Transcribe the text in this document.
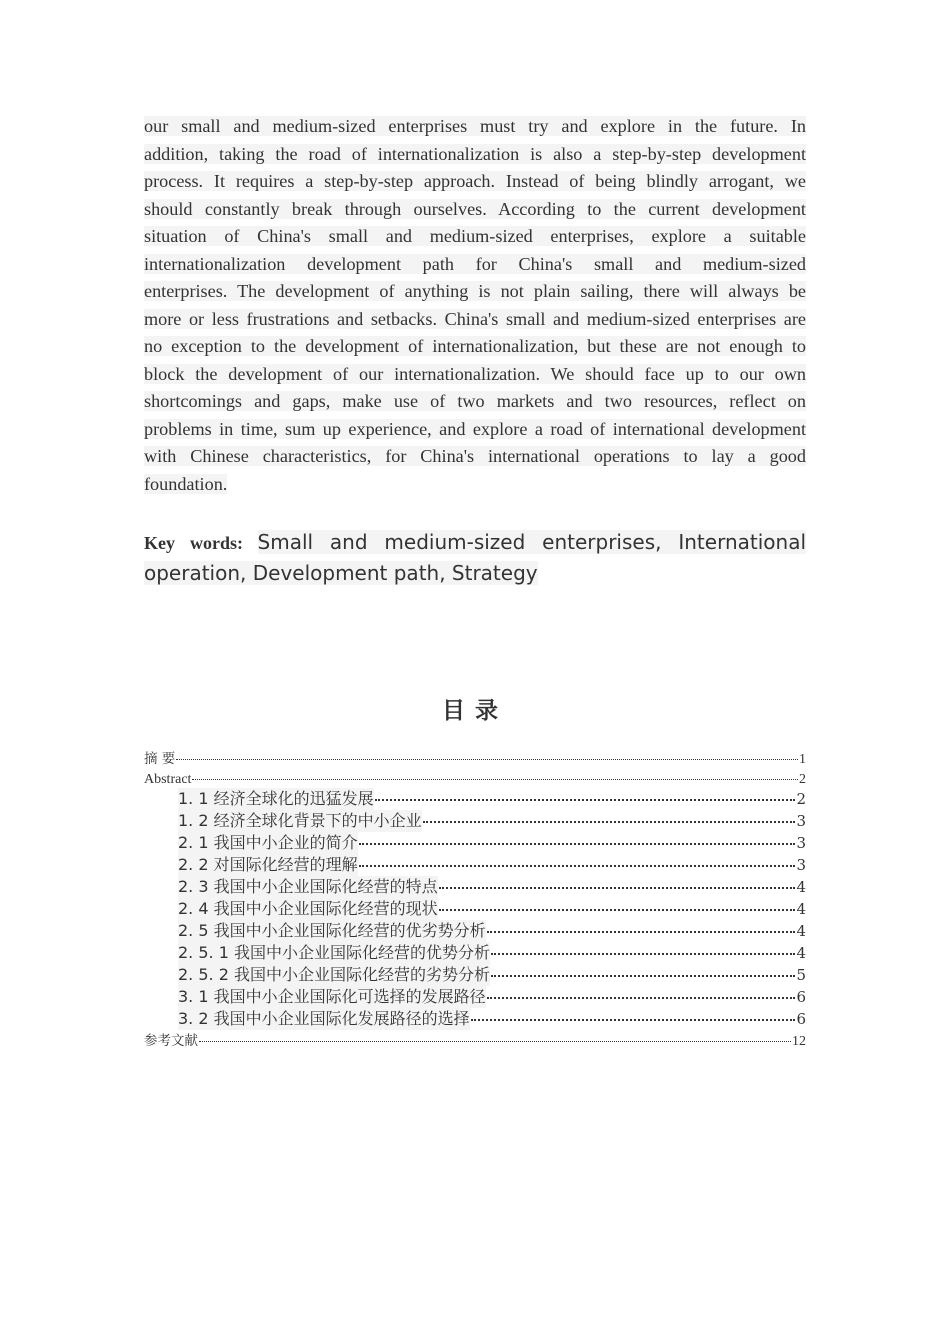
our small and medium-sized enterprises must try and explore in the future. In
addition, taking the road of internationalization is also a step-by-step development
process. It requires a step-by-step approach. Instead of being blindly arrogant, we
should constantly break through ourselves. According to the current development
situation of China's small and medium-sized enterprises, explore a suitable
internationalization development path for China's small and medium-sized
enterprises. The development of anything is not plain sailing, there will always be
more or less frustrations and setbacks. China's small and medium-sized enterprises are
no exception to the development of internationalization, but these are not enough to
block the development of our internationalization. We should face up to our own
shortcomings and gaps, make use of two markets and two resources, reflect on
problems in time, sum up experience, and explore a road of international development
with Chinese characteristics, for China's international operations to lay a good
foundation.
Key words: Small and medium-sized enterprises, International
operation, Development path, Strategy
目录
摘 要	1
Abstract	2
1. 1 经济全球化的迅猛发展	2
1. 2 经济全球化背景下的中小企业	3
2. 1 我国中小企业的简介	3
2. 2 对国际化经营的理解	3
2. 3 我国中小企业国际化经营的特点	4
2. 4 我国中小企业国际化经营的现状	4
2. 5 我国中小企业国际化经营的优劣势分析	4
2. 5. 1 我国中小企业国际化经营的优势分析	4
2. 5. 2 我国中小企业国际化经营的劣势分析	5
3. 1 我国中小企业国际化可选择的发展路径	6
3. 2 我国中小企业国际化发展路径的选择	6
参考文献	12
